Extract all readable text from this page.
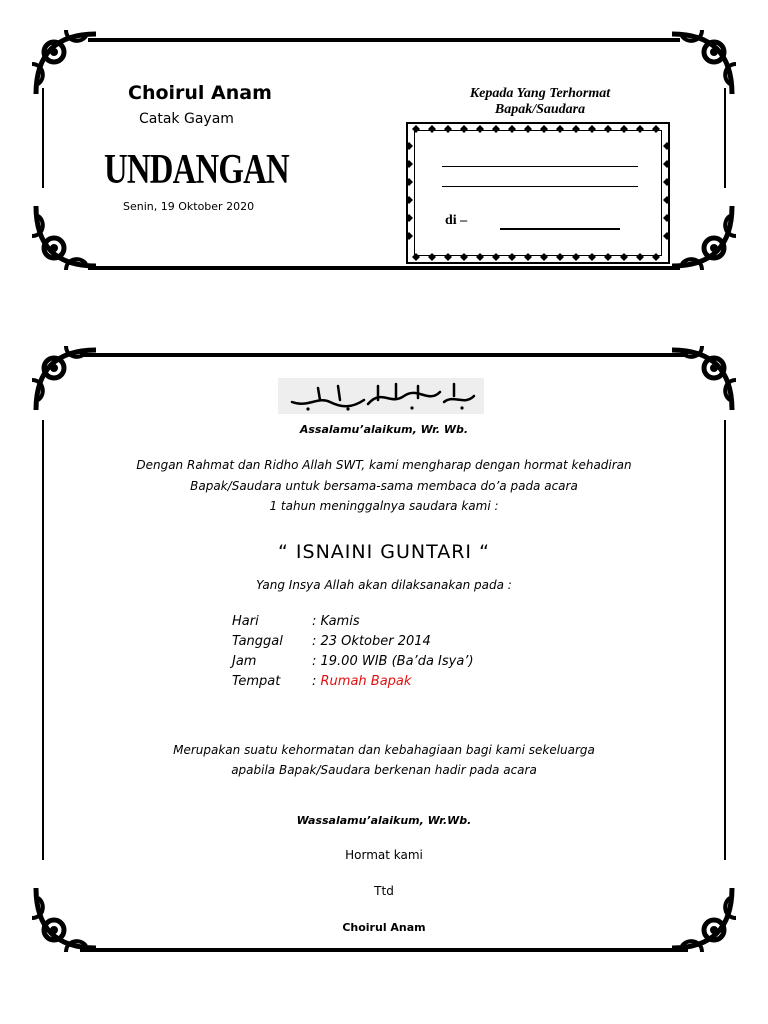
Choirul Anam
Catak Gayam
UNDANGAN
Senin, 19 Oktober 2020
Kepada Yang Terhormat
Bapak/Saudara
di –
Assalamu’alaikum, Wr. Wb.
Dengan Rahmat dan Ridho Allah SWT, kami mengharap dengan hormat kehadiran
Bapak/Saudara untuk bersama-sama membaca do’a pada acara
1 tahun meninggalnya saudara kami :
“ ISNAINI GUNTARI “
Yang Insya Allah akan dilaksanakan pada :
Hari	: Kamis
Tanggal : 23 Oktober 2014
Jam	: 19.00 WIB (Ba’da Isya’)
Tempat : Rumah Bapak
Merupakan suatu kehormatan dan kebahagiaan bagi kami sekeluarga
apabila Bapak/Saudara berkenan hadir pada acara
Wassalamu’alaikum, Wr.Wb.
Hormat kami
Ttd
Choirul Anam
